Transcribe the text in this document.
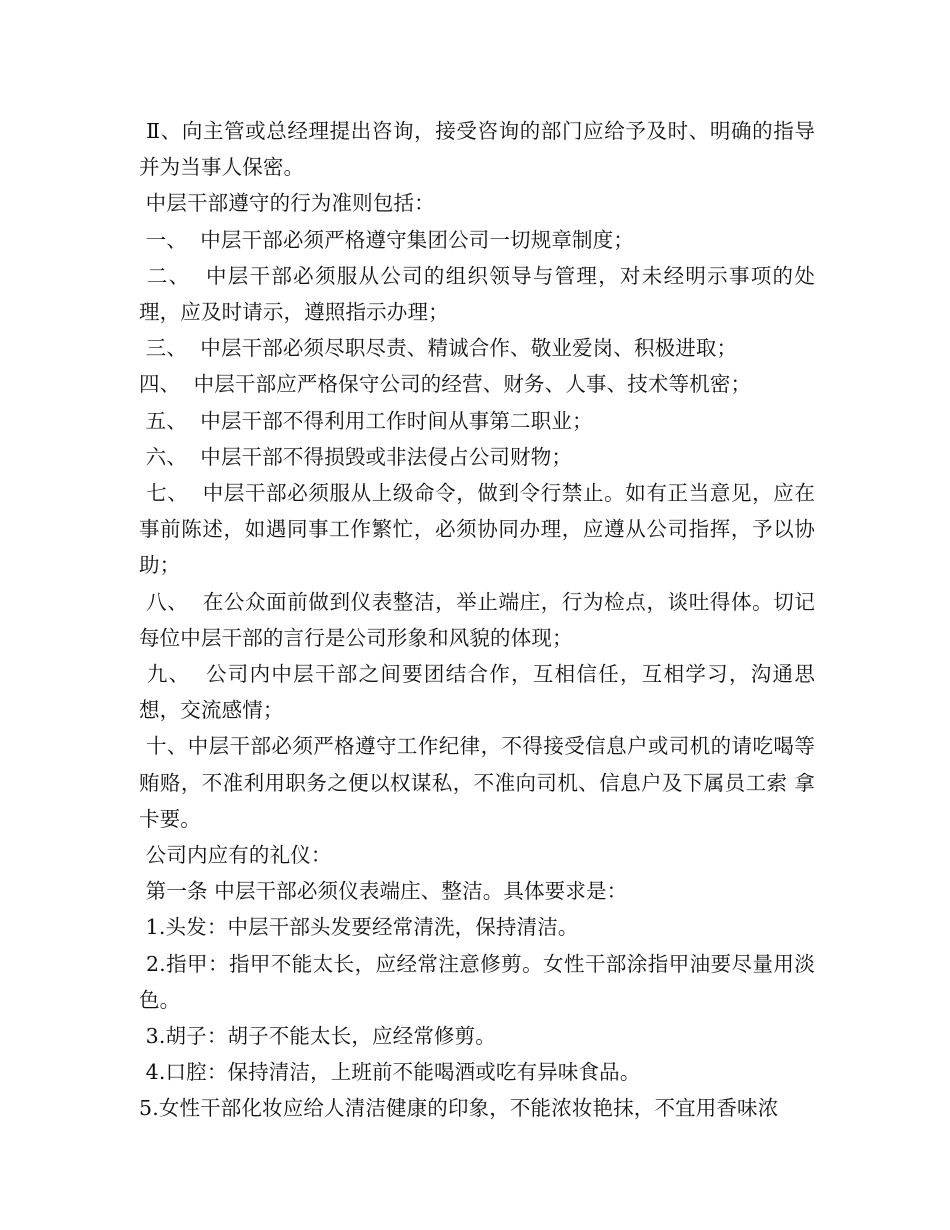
Ⅱ、向主管或总经理提出咨询，接受咨询的部门应给予及时、明确的指导并为当事人保密。

中层干部遵守的行为准则包括：

一、  中层干部必须严格遵守集团公司一切规章制度；

二、  中层干部必须服从公司的组织领导与管理，对未经明示事项的处理，应及时请示，遵照指示办理；

三、  中层干部必须尽职尽责、精诚合作、敬业爱岗、积极进取；

四、  中层干部应严格保守公司的经营、财务、人事、技术等机密；

五、  中层干部不得利用工作时间从事第二职业；

六、  中层干部不得损毁或非法侵占公司财物；

七、  中层干部必须服从上级命令，做到令行禁止。如有正当意见，应在事前陈述，如遇同事工作繁忙，必须协同办理，应遵从公司指挥，予以协助；

八、  在公众面前做到仪表整洁，举止端庄，行为检点，谈吐得体。切记每位中层干部的言行是公司形象和风貌的体现；

九、  公司内中层干部之间要团结合作，互相信任，互相学习，沟通思想，交流感情；

十、中层干部必须严格遵守工作纪律，不得接受信息户或司机的请吃喝等贿赂，不准利用职务之便以权谋私，不准向司机、信息户及下属员工索 拿卡要。

公司内应有的礼仪：

第一条 中层干部必须仪表端庄、整洁。具体要求是：

1.头发：中层干部头发要经常清洗，保持清洁。

2.指甲：指甲不能太长，应经常注意修剪。女性干部涂指甲油要尽量用淡色。

3.胡子：胡子不能太长，应经常修剪。

4.口腔：保持清洁，上班前不能喝酒或吃有异味食品。

5.女性干部化妆应给人清洁健康的印象，不能浓妆艳抹，不宜用香味浓
